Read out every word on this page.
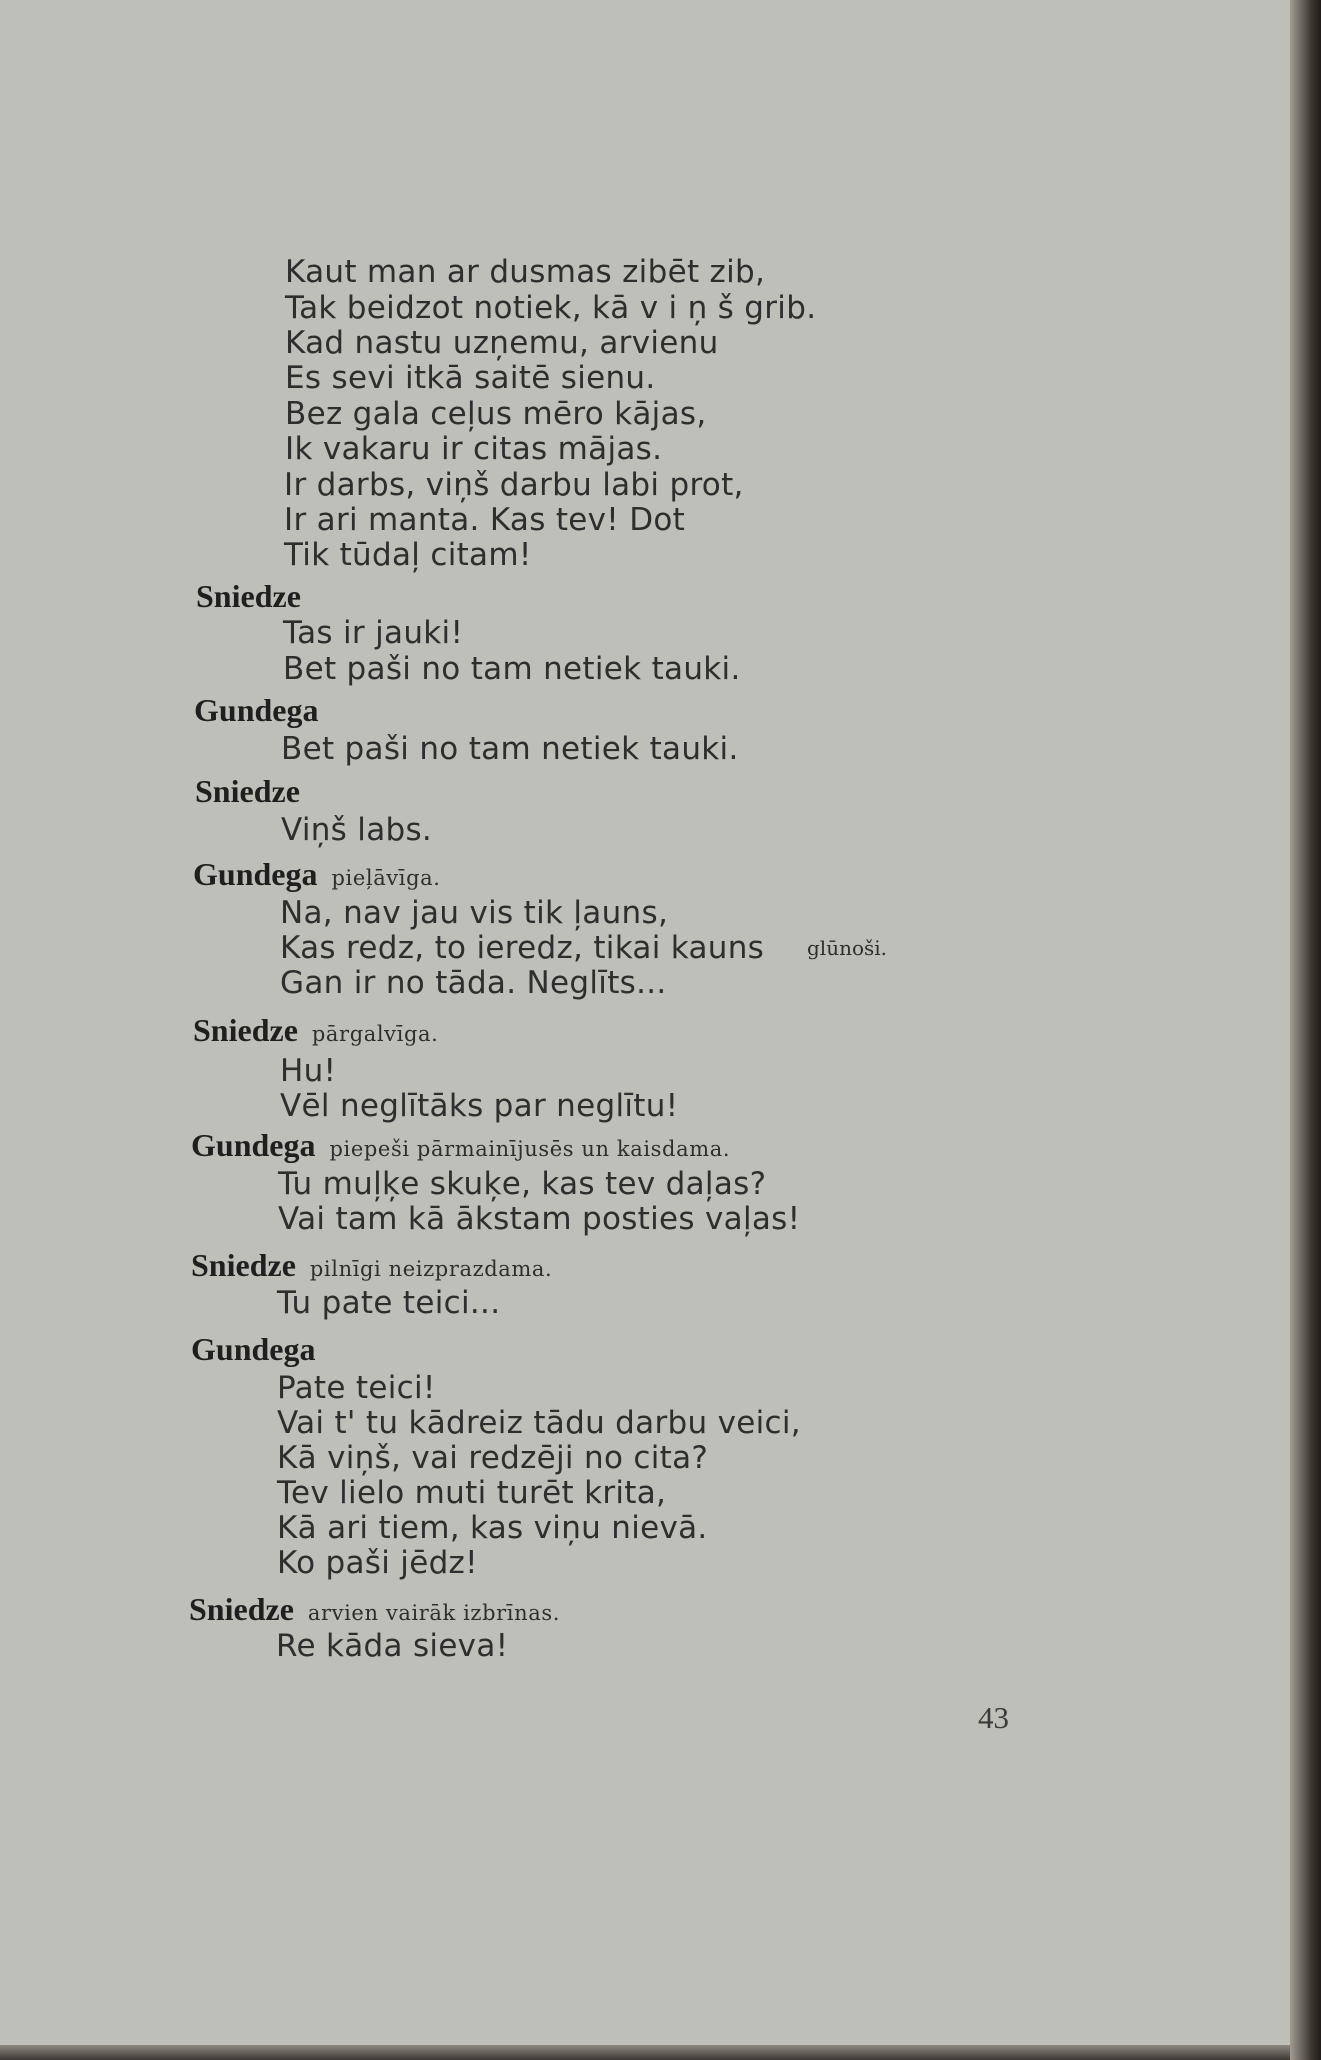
Kaut man ar dusmas zibēt zib,
Tak beidzot notiek, kā v i ņ š grib.
Kad nastu uzņemu, arvienu
Es sevi itkā saitē sienu.
Bez gala ceļus mēro kājas,
Ik vakaru ir citas mājas.
Ir darbs, viņš darbu labi prot,
Ir ari manta. Kas tev! Dot
Tik tūdaļ citam!
Sniedze
Tas ir jauki!
Bet paši no tam netiek tauki.
Gundega
Bet paši no tam netiek tauki.
Sniedze
Viņš labs.
Gundega pieļāvīga.
Na, nav jau vis tik ļauns,
Kas redz, to ieredz, tikai kauns glūnoši.
Gan ir no tāda. Neglīts...
Sniedze pārgalvīga.
Hu!
Vēl neglītāks par neglītu!
Gundega piepeši pārmainījusēs un kaisdama.
Tu muļķe skuķe, kas tev daļas?
Vai tam kā ākstam posties vaļas!
Sniedze pilnīgi neizprazdama.
Tu pate teici...
Gundega
Pate teici!
Vai t' tu kādreiz tādu darbu veici,
Kā viņš, vai redzēji no cita?
Tev lielo muti turēt krita,
Kā ari tiem, kas viņu nievā.
Ko paši jēdz!
Sniedze arvien vairāk izbrīnas.
Re kāda sieva!
43
